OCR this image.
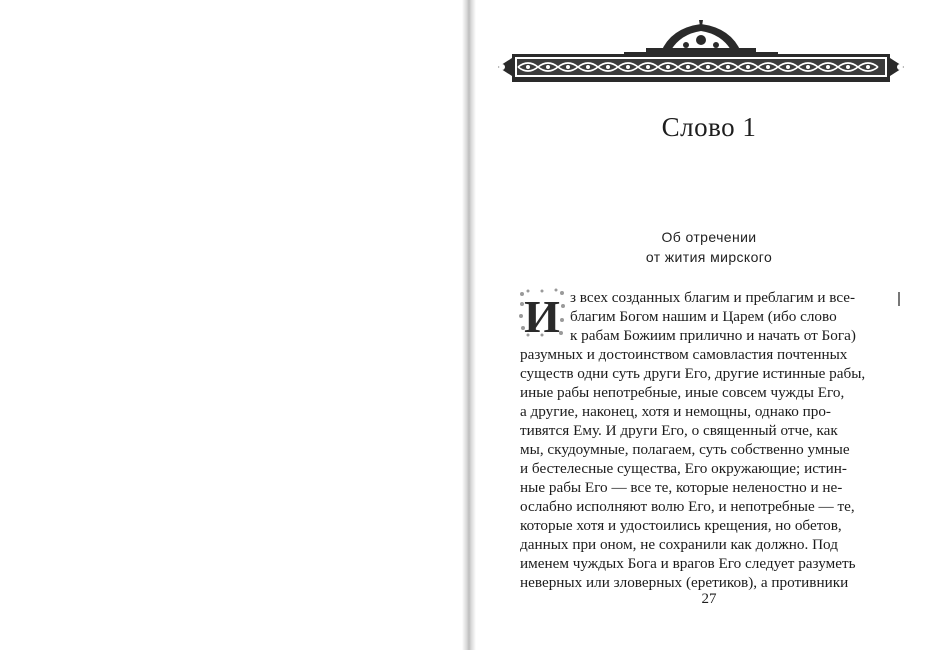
Слово 1
Об отречении
от жития мирского
И з всех созданных благим и преблагим и все-
благим Богом нашим и Царем (ибо слово
к рабам Божиим прилично и начать от Бога)
разумных и достоинством самовластия почтенных
существ одни суть други Его, другие истинные рабы,
иные рабы непотребные, иные совсем чужды Его,
а другие, наконец, хотя и немощны, однако про-
тивятся Ему. И други Его, о священный отче, как
мы, скудоумные, полагаем, суть собственно умные
и бестелесные существа, Его окружающие; истин-
ные рабы Его — все те, которые неленостно и не-
ослабно исполняют волю Его, и непотребные — те,
которые хотя и удостоились крещения, но обетов,
данных при оном, не сохранили как должно. Под
именем чуждых Бога и врагов Его следует разуметь
неверных или зловерных (еретиков), а противники
27
